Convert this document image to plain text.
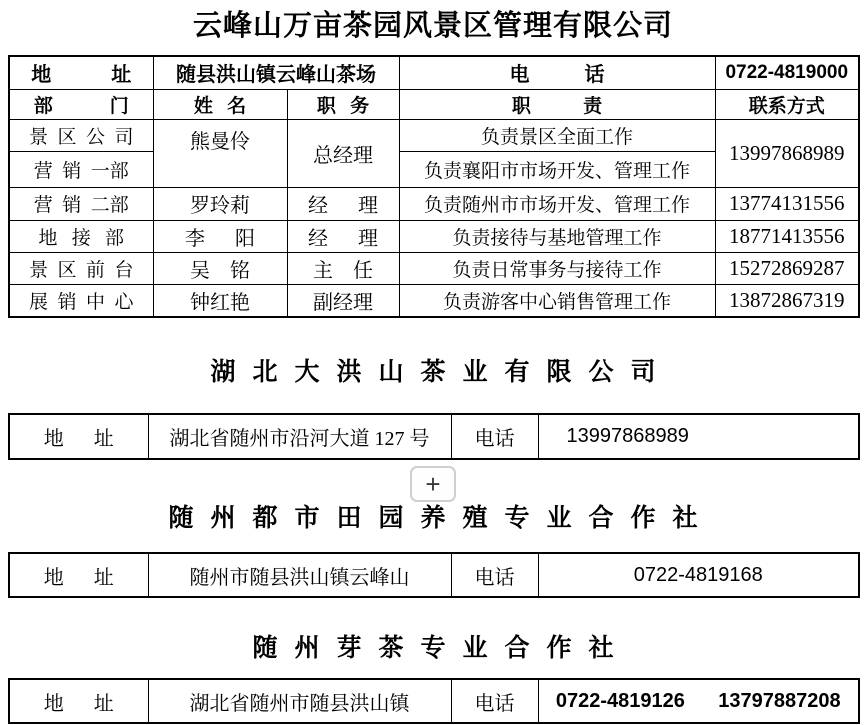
云峰山万亩茶园风景区管理有限公司
地            址	随县洪山镇云峰山茶场		电           话	0722-4819000
部            门	姓   名	职   务	职           责	联系方式
景  区  公  司	熊曼伶	总经理	负责景区全面工作	13997868989
营  销  一部			负责襄阳市市场开发、管理工作	
营  销  二部	罗玲莉	经      理	负责随州市市场开发、管理工作	13774131556
地   接   部	李      阳	经      理	负责接待与基地管理工作	18771413556
景  区  前  台	吴    铭	主    任	负责日常事务与接待工作	15272869287
展  销  中  心	钟红艳	副经理	负责游客中心销售管理工作	13872867319
湖北大洪山茶业有限公司
地      址	湖北省随州市沿河大道 127 号	电话	13997868989
+
随州都市田园养殖专业合作社
地      址	随州市随县洪山镇云峰山	电话	0722-4819168
随州芽茶专业合作社
地      址	湖北省随州市随县洪山镇	电话	0722-4819126      13797887208
